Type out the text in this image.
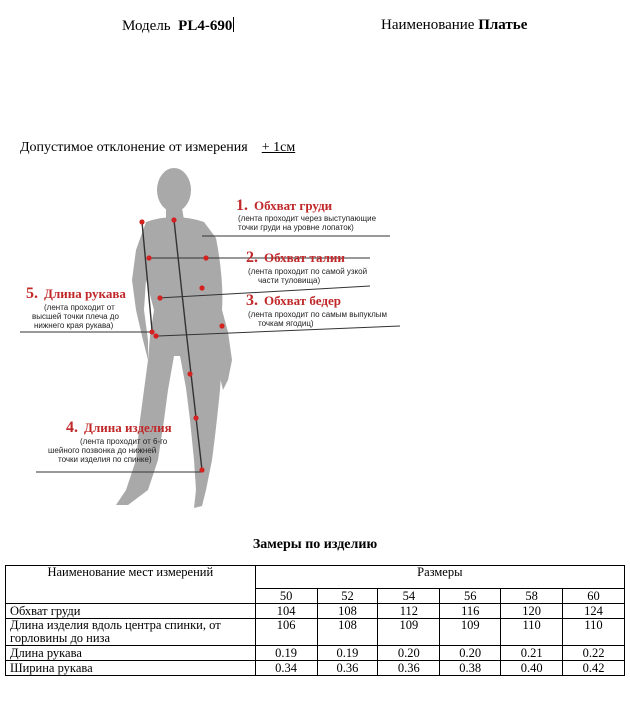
Модель PL4-690	Наименование Платье
Допустимое отклонение от измерения + 1см
1. Обхват груди
(лента проходит через выступающие
точки груди на уровне лопаток)
2. Обхват талии
(лента проходит по самой узкой
части туловища)
3. Обхват бедер
(лента проходит по самым выпуклым
точкам ягодиц)
5. Длина рукава
(лента проходит от
высшей точки плеча до
нижнего края рукава)
4. Длина изделия
(лента проходит от 6-го
шейного позвонка до нижней
точки изделия по спинке)
Замеры по изделию
Наименование мест измерений	Размеры					
	50	52	54	56	58	60
Обхват груди	104	108	112	116	120	124
Длина изделия вдоль центра спинки, от горловины до низа	106	108	109	109	110	110
Длина рукава	0.19	0.19	0.20	0.20	0.21	0.22
Ширина рукава	0.34	0.36	0.36	0.38	0.40	0.42
